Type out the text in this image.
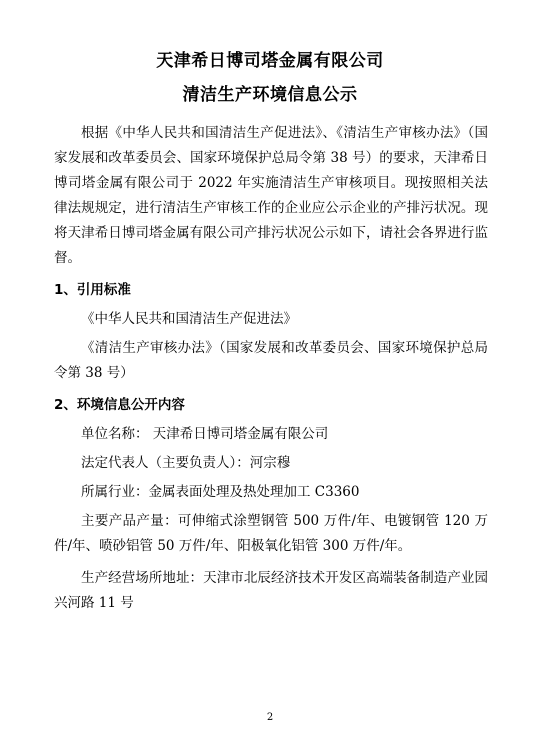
天津希日博司塔金属有限公司
清洁生产环境信息公示

根据《中华人民共和国清洁生产促进法》、《清洁生产审核办法》（国家发展和改革委员会、国家环境保护总局令第 38 号）的要求，天津希日博司塔金属有限公司于 2022 年实施清洁生产审核项目。现按照相关法律法规规定，进行清洁生产审核工作的企业应公示企业的产排污状况。现将天津希日博司塔金属有限公司产排污状况公示如下，请社会各界进行监督。

1、引用标准

《中华人民共和国清洁生产促进法》

《清洁生产审核办法》（国家发展和改革委员会、国家环境保护总局令第 38 号）

2、环境信息公开内容

单位名称： 天津希日博司塔金属有限公司

法定代表人（主要负责人）：河宗穆

所属行业：金属表面处理及热处理加工 C3360

主要产品产量：可伸缩式涂塑钢管 500 万件/年、电镀钢管 120 万件/年、喷砂铝管 50 万件/年、阳极氧化铝管 300 万件/年。

生产经营场所地址：天津市北辰经济技术开发区高端装备制造产业园兴河路 11 号

2
